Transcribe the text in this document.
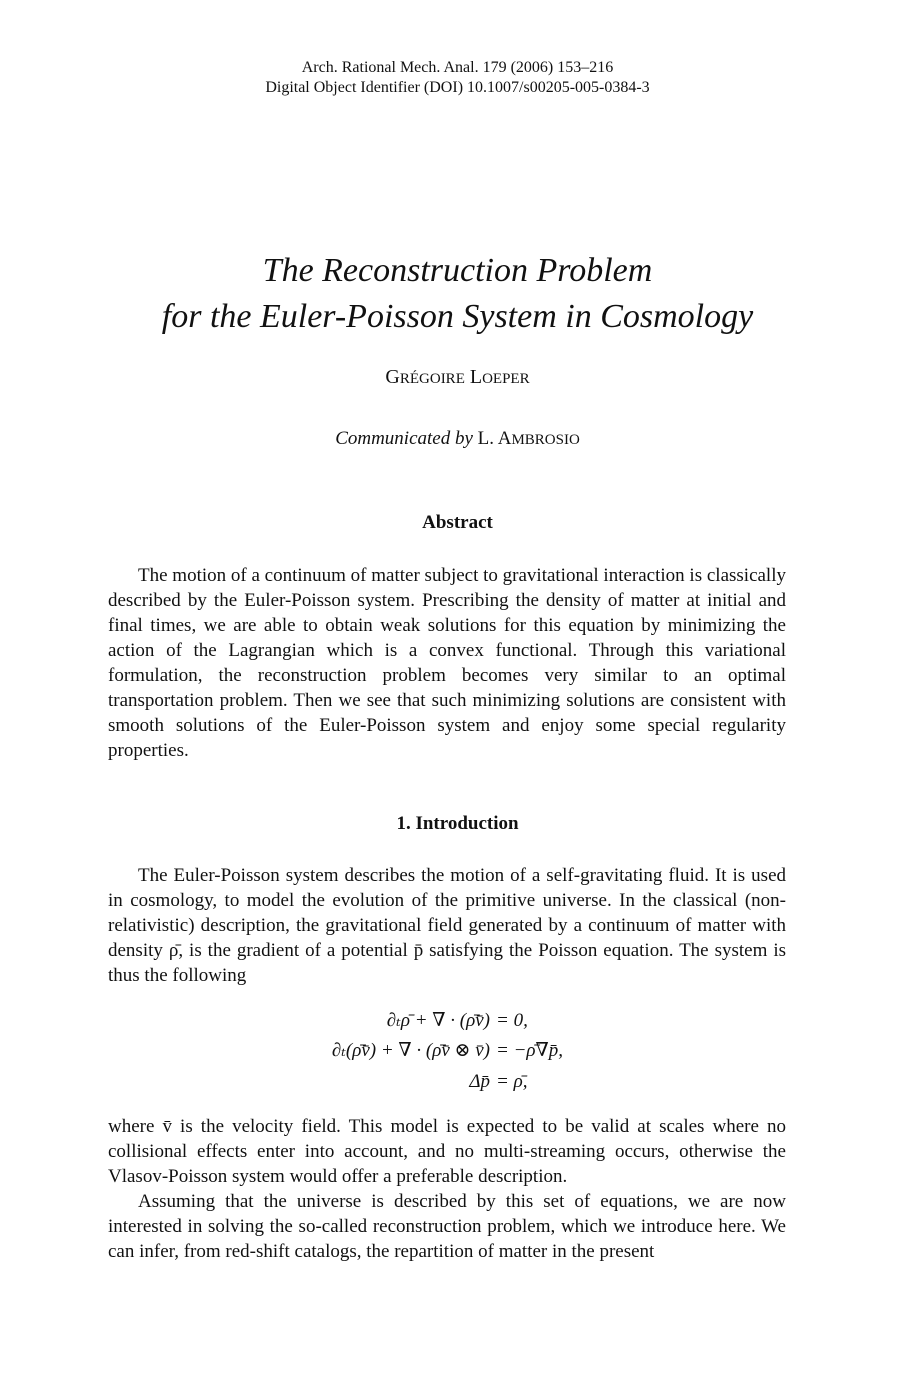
Arch. Rational Mech. Anal. 179 (2006) 153–216
Digital Object Identifier (DOI) 10.1007/s00205-005-0384-3
The Reconstruction Problem
for the Euler-Poisson System in Cosmology
GRÉGOIRE LOEPER
Communicated by L. AMBROSIO
Abstract

The motion of a continuum of matter subject to gravitational interaction is classically described by the Euler-Poisson system. Prescribing the density of matter at initial and final times, we are able to obtain weak solutions for this equation by minimizing the action of the Lagrangian which is a convex functional. Through this variational formulation, the reconstruction problem becomes very similar to an optimal transportation problem. Then we see that such minimizing solutions are consistent with smooth solutions of the Euler-Poisson system and enjoy some special regularity properties.

1. Introduction

The Euler-Poisson system describes the motion of a self-gravitating fluid. It is used in cosmology, to model the evolution of the primitive universe. In the classical (non-relativistic) description, the gravitational field generated by a continuum of matter with density ρ̄, is the gradient of a potential p̄ satisfying the Poisson equation. The system is thus the following

∂ₜρ̄ + ∇ · (ρ̄v̄) = 0,
∂ₜ(ρ̄v̄) + ∇ · (ρ̄v̄ ⊗ v̄) = −ρ̄∇p̄,
Δp̄ = ρ̄,

where v̄ is the velocity field. This model is expected to be valid at scales where no collisional effects enter into account, and no multi-streaming occurs, otherwise the Vlasov-Poisson system would offer a preferable description.

Assuming that the universe is described by this set of equations, we are now interested in solving the so-called reconstruction problem, which we introduce here. We can infer, from red-shift catalogs, the repartition of matter in the present
